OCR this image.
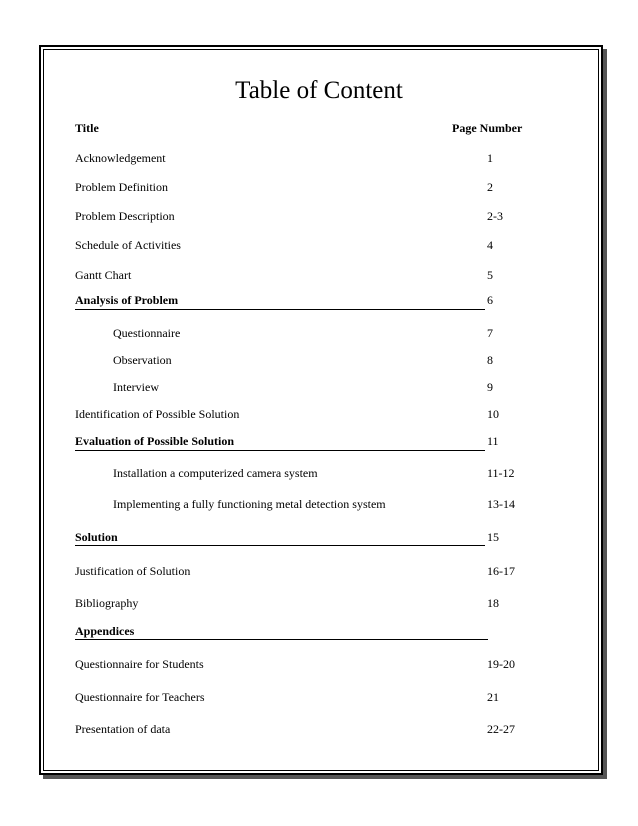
Table of Content
Title	Page Number
Acknowledgement	1
Problem Definition	2
Problem Description	2-3
Schedule of Activities	4
Gantt Chart	5
Analysis of Problem	6
Questionnaire	7
Observation	8
Interview	9
Identification of Possible Solution	10
Evaluation of Possible Solution	11
Installation a computerized camera system	11-12
Implementing a fully functioning metal detection system	13-14
Solution	15
Justification of Solution	16-17
Bibliography	18
Appendices
Questionnaire for Students	19-20
Questionnaire for Teachers	21
Presentation of data	22-27
